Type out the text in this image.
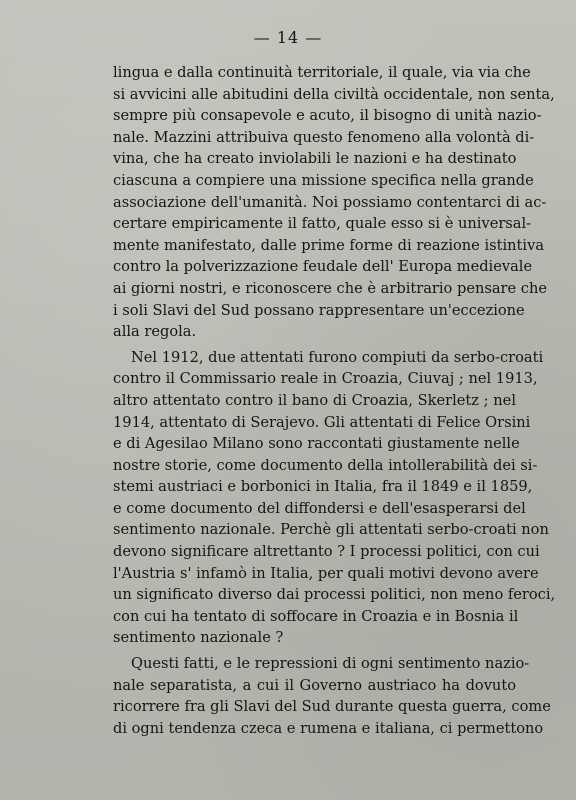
— 14 —
lingua e dalla continuità territoriale, il quale, via via che
si avvicini alle abitudini della civiltà occidentale, non senta,
sempre più consapevole e acuto, il bisogno di unità nazio-
nale. Mazzini attribuiva questo fenomeno alla volontà di-
vina, che ha creato inviolabili le nazioni e ha destinato
ciascuna a compiere una missione specifica nella grande
associazione dell'umanità. Noi possiamo contentarci di ac-
certare empiricamente il fatto, quale esso si è universal-
mente manifestato, dalle prime forme di reazione istintiva
contro la polverizzazione feudale dell' Europa medievale
ai giorni nostri, e riconoscere che è arbitrario pensare che
i soli Slavi del Sud possano rappresentare un'eccezione
alla regola.
Nel 1912, due attentati furono compiuti da serbo-croati
contro il Commissario reale in Croazia, Ciuvaj ; nel 1913,
altro attentato contro il bano di Croazia, Skerletz ; nel
1914, attentato di Serajevo. Gli attentati di Felice Orsini
e di Agesilao Milano sono raccontati giustamente nelle
nostre storie, come documento della intollerabilità dei si-
stemi austriaci e borbonici in Italia, fra il 1849 e il 1859,
e come documento del diffondersi e dell'esasperarsi del
sentimento nazionale. Perchè gli attentati serbo-croati non
devono significare altrettanto ? I processi politici, con cui
l'Austria s' infamò in Italia, per quali motivi devono avere
un significato diverso dai processi politici, non meno feroci,
con cui ha tentato di soffocare in Croazia e in Bosnia il
sentimento nazionale ?
Questi fatti, e le repressioni di ogni sentimento nazio-
nale separatista, a cui il Governo austriaco ha dovuto
ricorrere fra gli Slavi del Sud durante questa guerra, come
di ogni tendenza czeca e rumena e italiana, ci permettono
